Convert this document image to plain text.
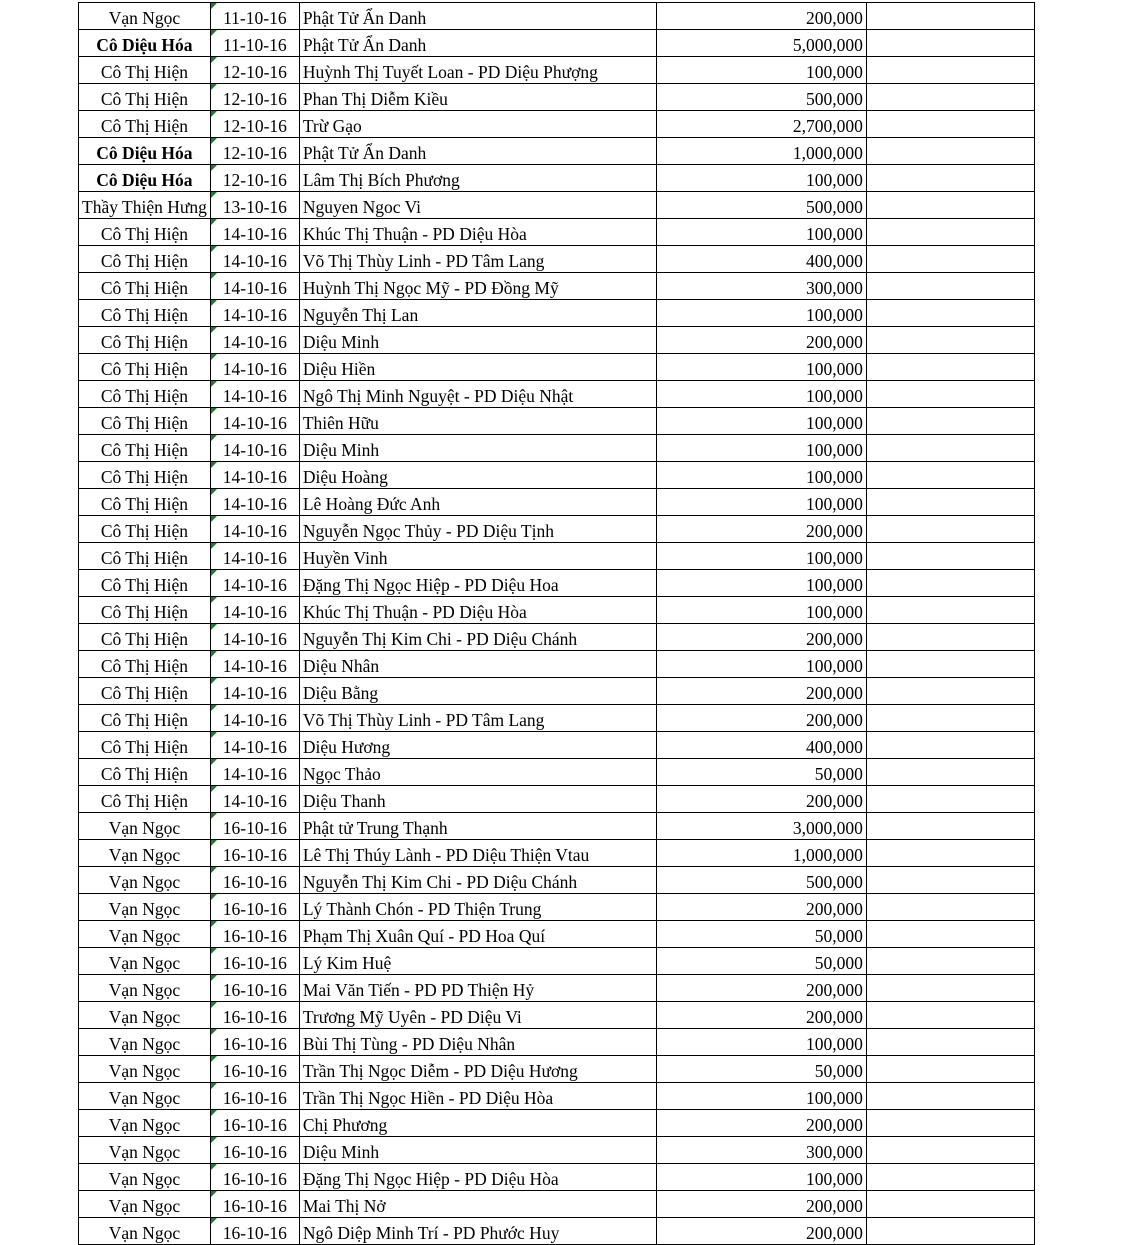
Vạn Ngọc	11-10-16	Phật Tử Ẩn Danh	200,000	
Cô Diệu Hóa	11-10-16	Phật Tử Ẩn Danh	5,000,000	
Cô Thị Hiện	12-10-16	Huỳnh Thị Tuyết Loan - PD Diệu Phượng	100,000	
Cô Thị Hiện	12-10-16	Phan Thị Diễm Kiều	500,000	
Cô Thị Hiện	12-10-16	Trừ Gạo	2,700,000	
Cô Diệu Hóa	12-10-16	Phật Tử Ẩn Danh	1,000,000	
Cô Diệu Hóa	12-10-16	Lâm Thị Bích Phương	100,000	
Thầy Thiện Hưng	13-10-16	Nguyen Ngoc Vi	500,000	
Cô Thị Hiện	14-10-16	Khúc Thị Thuận - PD Diệu Hòa	100,000	
Cô Thị Hiện	14-10-16	Võ Thị Thùy Linh - PD Tâm Lang	400,000	
Cô Thị Hiện	14-10-16	Huỳnh Thị Ngọc Mỹ - PD Đồng Mỹ	300,000	
Cô Thị Hiện	14-10-16	Nguyễn Thị Lan	100,000	
Cô Thị Hiện	14-10-16	Diệu Minh	200,000	
Cô Thị Hiện	14-10-16	Diệu Hiền	100,000	
Cô Thị Hiện	14-10-16	Ngô Thị Minh Nguyệt - PD Diệu Nhật	100,000	
Cô Thị Hiện	14-10-16	Thiên Hữu	100,000	
Cô Thị Hiện	14-10-16	Diệu Minh	100,000	
Cô Thị Hiện	14-10-16	Diệu Hoàng	100,000	
Cô Thị Hiện	14-10-16	Lê Hoàng Đức Anh	100,000	
Cô Thị Hiện	14-10-16	Nguyễn Ngọc Thủy - PD Diệu Tịnh	200,000	
Cô Thị Hiện	14-10-16	Huyền Vinh	100,000	
Cô Thị Hiện	14-10-16	Đặng Thị Ngọc Hiệp - PD Diệu Hoa	100,000	
Cô Thị Hiện	14-10-16	Khúc Thị Thuận - PD Diệu Hòa	100,000	
Cô Thị Hiện	14-10-16	Nguyễn Thị Kim Chi - PD Diệu Chánh	200,000	
Cô Thị Hiện	14-10-16	Diệu Nhân	100,000	
Cô Thị Hiện	14-10-16	Diệu Bằng	200,000	
Cô Thị Hiện	14-10-16	Võ Thị Thùy Linh - PD Tâm Lang	200,000	
Cô Thị Hiện	14-10-16	Diệu Hương	400,000	
Cô Thị Hiện	14-10-16	Ngọc Thảo	50,000	
Cô Thị Hiện	14-10-16	Diệu Thanh	200,000	
Vạn Ngọc	16-10-16	Phật tử Trung Thạnh	3,000,000	
Vạn Ngọc	16-10-16	Lê Thị Thúy Lành - PD Diệu Thiện Vtau	1,000,000	
Vạn Ngọc	16-10-16	Nguyễn Thị Kim Chi - PD Diệu Chánh	500,000	
Vạn Ngọc	16-10-16	Lý Thành Chón - PD Thiện Trung	200,000	
Vạn Ngọc	16-10-16	Phạm Thị Xuân Quí - PD Hoa Quí	50,000	
Vạn Ngọc	16-10-16	Lý Kim Huệ	50,000	
Vạn Ngọc	16-10-16	Mai Văn Tiến - PD PD Thiện Hỷ	200,000	
Vạn Ngọc	16-10-16	Trương Mỹ Uyên - PD Diệu Vi	200,000	
Vạn Ngọc	16-10-16	Bùi Thị Tùng - PD Diệu Nhân	100,000	
Vạn Ngọc	16-10-16	Trần Thị Ngọc Diễm - PD Diệu Hương	50,000	
Vạn Ngọc	16-10-16	Trần Thị Ngọc Hiền - PD Diệu Hòa	100,000	
Vạn Ngọc	16-10-16	Chị Phương	200,000	
Vạn Ngọc	16-10-16	Diệu Minh	300,000	
Vạn Ngọc	16-10-16	Đặng Thị Ngọc Hiệp - PD Diệu Hòa	100,000	
Vạn Ngọc	16-10-16	Mai Thị Nở	200,000	
Vạn Ngọc	16-10-16	Ngô Diệp Minh Trí - PD Phước Huy	200,000	
